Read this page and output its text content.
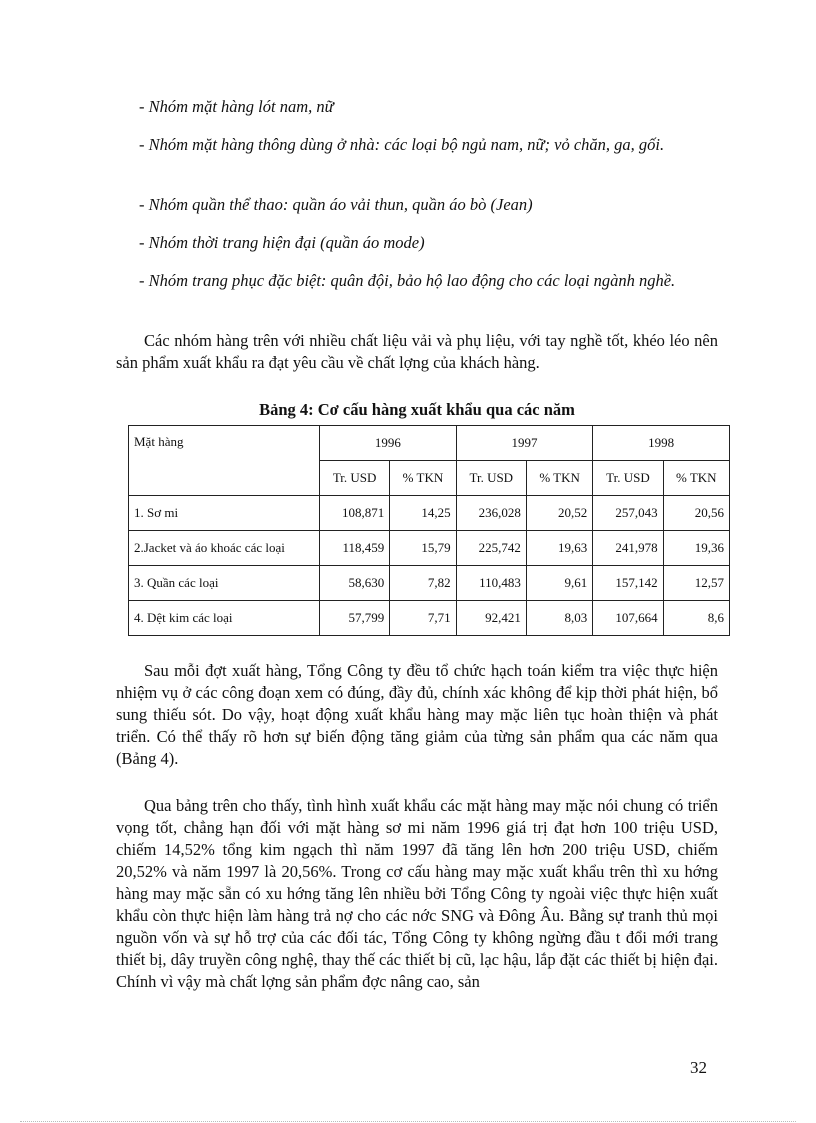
- Nhóm mặt hàng lót nam, nữ
- Nhóm mặt hàng thông dùng ở nhà: các loại bộ ngủ nam, nữ; vỏ chăn, ga, gối.
- Nhóm quần thể thao: quần áo vải thun, quần áo bò (Jean)
- Nhóm thời trang hiện đại (quần áo mode)
- Nhóm trang phục đặc biệt: quân đội, bảo hộ lao động cho các loại ngành nghề.
Các nhóm hàng trên với nhiều chất liệu vải và phụ liệu, với tay nghề tốt, khéo léo nên sản phẩm xuất khẩu ra đạt yêu cầu về chất lợng của khách hàng.
Bảng 4: Cơ cấu hàng xuất khẩu qua các năm
Mặt hàng	1996		1997		1998	
	Tr. USD	% TKN	Tr. USD	% TKN	Tr. USD	% TKN
1. Sơ mi	108,871	14,25	236,028	20,52	257,043	20,56
2.Jacket và áo khoác các loại	118,459	15,79	225,742	19,63	241,978	19,36
3. Quần các loại	58,630	7,82	110,483	9,61	157,142	12,57
4. Dệt kim các loại	57,799	7,71	92,421	8,03	107,664	8,6
Sau mỗi đợt xuất hàng, Tổng Công ty đều tổ chức hạch toán kiểm tra việc thực hiện nhiệm vụ ở các công đoạn xem có đúng, đầy đủ, chính xác không để kịp thời phát hiện, bổ sung thiếu sót. Do vậy, hoạt động xuất khẩu hàng may mặc liên tục hoàn thiện và phát triển. Có thể thấy rõ hơn sự biến động tăng giảm của từng sản phẩm qua các năm qua (Bảng 4).
Qua bảng trên cho thấy, tình hình xuất khẩu các mặt hàng may mặc nói chung có triển vọng tốt, chẳng hạn đối với mặt hàng sơ mi năm 1996 giá trị đạt hơn 100 triệu USD, chiếm 14,52% tổng kim ngạch thì năm 1997 đã tăng lên hơn 200 triệu USD, chiếm 20,52% và năm 1997 là 20,56%. Trong cơ cấu hàng may mặc xuất khẩu trên thì xu hớng hàng may mặc sẵn có xu hớng tăng lên nhiều bởi Tổng Công ty ngoài việc thực hiện xuất khẩu còn thực hiện làm hàng trả nợ cho các nớc SNG và Đông Âu. Bằng sự tranh thủ mọi nguồn vốn và sự hỗ trợ của các đối tác, Tổng Công ty không ngừng đầu t đổi mới trang thiết bị, dây truyền công nghệ, thay thế các thiết bị cũ, lạc hậu, lắp đặt các thiết bị hiện đại. Chính vì vậy mà chất lợng sản phẩm đợc nâng cao, sản
32
